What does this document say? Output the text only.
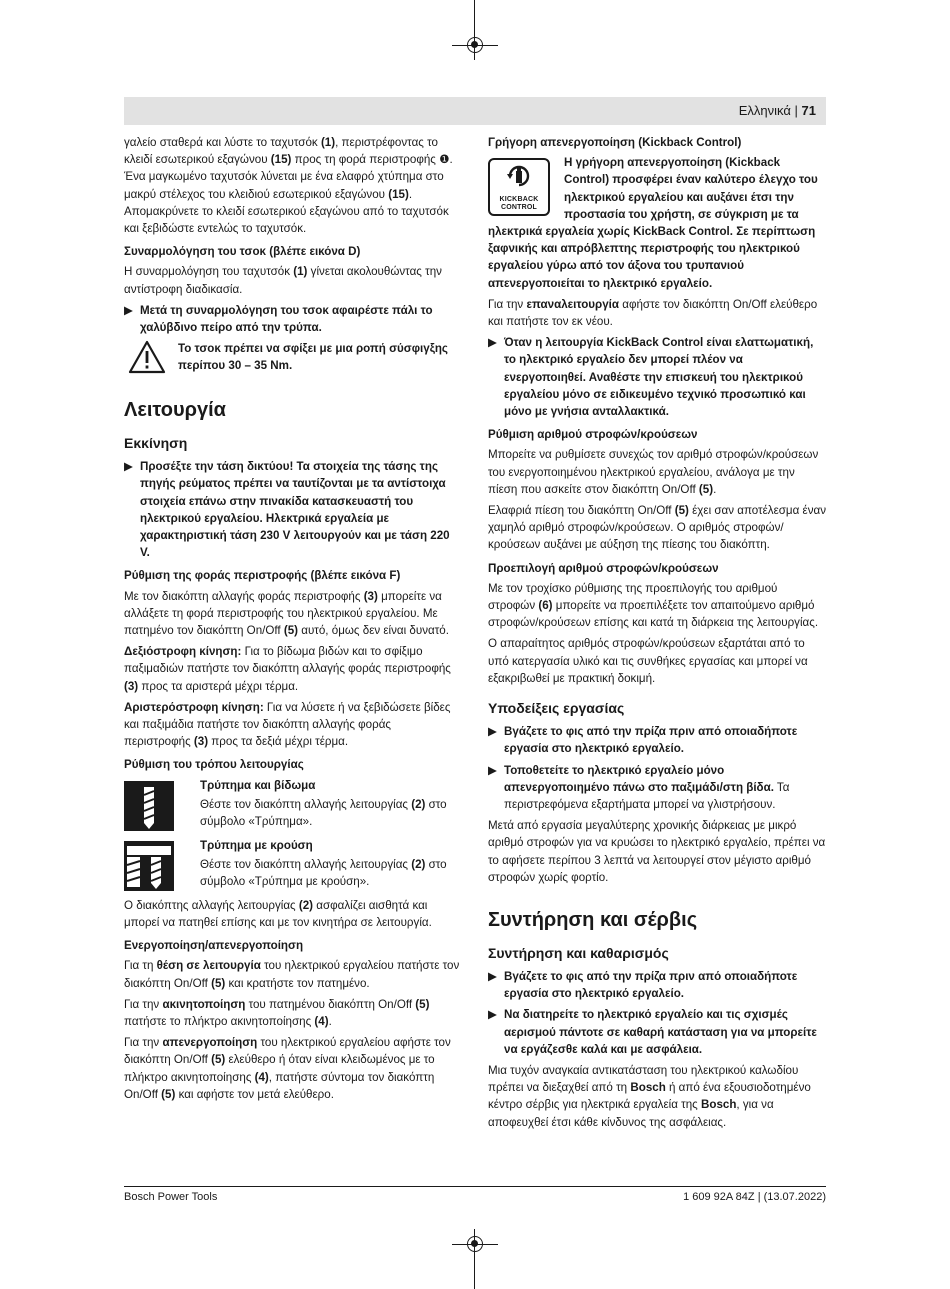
Ελληνικά | 71

γαλείο σταθερά και λύστε το ταχυτσόκ (1), περιστρέφοντας το κλειδί εσωτερικού εξαγώνου (15) προς τη φορά περιστροφής ❶. Ένα μαγκωμένο ταχυτσόκ λύνεται με ένα ελαφρό χτύπημα στο μακρύ στέλεχος του κλειδιού εσωτερικού εξαγώνου (15). Απομακρύνετε το κλειδί εσωτερικού εξαγώνου από το ταχυτσόκ και ξεβιδώστε εντελώς το ταχυτσόκ.

Συναρμολόγηση του τσοκ (βλέπε εικόνα D)

Η συναρμολόγηση του ταχυτσόκ (1) γίνεται ακολουθώντας την αντίστροφη διαδικασία.

▶ Μετά τη συναρμολόγηση του τσοκ αφαιρέστε πάλι το χαλύβδινο πείρο από την τρύπα.
Το τσοκ πρέπει να σφίξει με μια ροπή σύσφιγξης περίπου 30 – 35 Nm.
Λειτουργία
Εκκίνηση
▶ Προσέξτε την τάση δικτύου! Τα στοιχεία της τάσης της πηγής ρεύματος πρέπει να ταυτίζονται με τα αντίστοιχα στοιχεία επάνω στην πινακίδα κατασκευαστή του ηλεκτρικού εργαλείου. Ηλεκτρικά εργαλεία με χαρακτηριστική τάση 230 V λειτουργούν και με τάση 220 V.
Ρύθμιση της φοράς περιστροφής (βλέπε εικόνα F)

Με τον διακόπτη αλλαγής φοράς περιστροφής (3) μπορείτε να αλλάξετε τη φορά περιστροφής του ηλεκτρικού εργαλείου. Με πατημένο τον διακόπτη On/Off (5) αυτό, όμως δεν είναι δυνατό.

Δεξιόστροφη κίνηση: Για το βίδωμα βιδών και το σφίξιμο παξιμαδιών πατήστε τον διακόπτη αλλαγής φοράς περιστροφής (3) προς τα αριστερά μέχρι τέρμα.

Αριστερόστροφη κίνηση: Για να λύσετε ή να ξεβιδώσετε βίδες και παξιμάδια πατήστε τον διακόπτη αλλαγής φοράς περιστροφής (3) προς τα δεξιά μέχρι τέρμα.

Ρύθμιση του τρόπου λειτουργίας
Τρύπημα και βίδωμα

Θέστε τον διακόπτη αλλαγής λειτουργίας (2) στο σύμβολο «Τρύπημα».

Τρύπημα με κρούση

Θέστε τον διακόπτη αλλαγής λειτουργίας (2) στο σύμβολο «Τρύπημα με κρούση».

Ο διακόπτης αλλαγής λειτουργίας (2) ασφαλίζει αισθητά και μπορεί να πατηθεί επίσης και με τον κινητήρα σε λειτουργία.

Ενεργοποίηση/απενεργοποίηση

Για τη θέση σε λειτουργία του ηλεκτρικού εργαλείου πατήστε τον διακόπτη On/Off (5) και κρατήστε τον πατημένο.

Για την ακινητοποίηση του πατημένου διακόπτη On/Off (5) πατήστε το πλήκτρο ακινητοποίησης (4).

Για την απενεργοποίηση του ηλεκτρικού εργαλείου αφήστε τον διακόπτη On/Off (5) ελεύθερο ή όταν είναι κλειδωμένος με το πλήκτρο ακινητοποίησης (4), πατήστε σύντομα τον διακόπτη On/Off (5) και αφήστε τον μετά ελεύθερο.

Γρήγορη απενεργοποίηση (Kickback Control)
KICKBACK
CONTROL
Η γρήγορη απενεργοποίηση (Kickback Control) προσφέρει έναν καλύτερο έλεγχο του ηλεκτρικού εργαλείου και αυξάνει έτσι την προστασία του χρήστη, σε σύγκριση με τα
ηλεκτρικά εργαλεία χωρίς KickBack Control. Σε περίπτωση ξαφνικής και απρόβλεπτης περιστροφής του ηλεκτρικού εργαλείου γύρω από τον άξονα του τρυπανιού απενεργοποιείται το ηλεκτρικό εργαλείο.

Για την επαναλειτουργία αφήστε τον διακόπτη On/Off ελεύθερο και πατήστε τον εκ νέου.

▶ Όταν η λειτουργία KickBack Control είναι ελαττωματική, το ηλεκτρικό εργαλείο δεν μπορεί πλέον να ενεργοποιηθεί. Αναθέστε την επισκευή του ηλεκτρικού εργαλείου μόνο σε ειδικευμένο τεχνικό προσωπικό και μόνο με γνήσια ανταλλακτικά.
Ρύθμιση αριθμού στροφών/κρούσεων

Μπορείτε να ρυθμίσετε συνεχώς τον αριθμό στροφών/κρούσεων του ενεργοποιημένου ηλεκτρικού εργαλείου, ανάλογα με την πίεση που ασκείτε στον διακόπτη On/Off (5).

Ελαφριά πίεση του διακόπτη On/Off (5) έχει σαν αποτέλεσμα έναν χαμηλό αριθμό στροφών/κρούσεων. Ο αριθμός στροφών/κρούσεων αυξάνει με αύξηση της πίεσης του διακόπτη.

Προεπιλογή αριθμού στροφών/κρούσεων

Με τον τροχίσκο ρύθμισης της προεπιλογής του αριθμού στροφών (6) μπορείτε να προεπιλέξετε τον απαιτούμενο αριθμό στροφών/κρούσεων επίσης και κατά τη διάρκεια της λειτουργίας.

Ο απαραίτητος αριθμός στροφών/κρούσεων εξαρτάται από το υπό κατεργασία υλικό και τις συνθήκες εργασίας και μπορεί να εξακριβωθεί με πρακτική δοκιμή.

Υποδείξεις εργασίας
▶ Βγάζετε το φις από την πρίζα πριν από οποιαδήποτε εργασία στο ηλεκτρικό εργαλείο.
▶ Τοποθετείτε το ηλεκτρικό εργαλείο μόνο απενεργοποιημένο πάνω στο παξιμάδι/στη βίδα. Τα περιστρεφόμενα εξαρτήματα μπορεί να γλιστρήσουν.

Μετά από εργασία μεγαλύτερης χρονικής διάρκειας με μικρό αριθμό στροφών για να κρυώσει το ηλεκτρικό εργαλείο, πρέπει να το αφήσετε περίπου 3 λεπτά να λειτουργεί στον μέγιστο αριθμό στροφών χωρίς φορτίο.

Συντήρηση και σέρβις
Συντήρηση και καθαρισμός
▶ Βγάζετε το φις από την πρίζα πριν από οποιαδήποτε εργασία στο ηλεκτρικό εργαλείο.
▶ Να διατηρείτε το ηλεκτρικό εργαλείο και τις σχισμές αερισμού πάντοτε σε καθαρή κατάσταση για να μπορείτε να εργάζεσθε καλά και με ασφάλεια.

Μια τυχόν αναγκαία αντικατάσταση του ηλεκτρικού καλωδίου πρέπει να διεξαχθεί από τη Bosch ή από ένα εξουσιοδοτημένο κέντρο σέρβις για ηλεκτρικά εργαλεία της Bosch, για να αποφευχθεί έτσι κάθε κίνδυνος της ασφάλειας.

Bosch Power Tools	1 609 92A 84Z | (13.07.2022)
